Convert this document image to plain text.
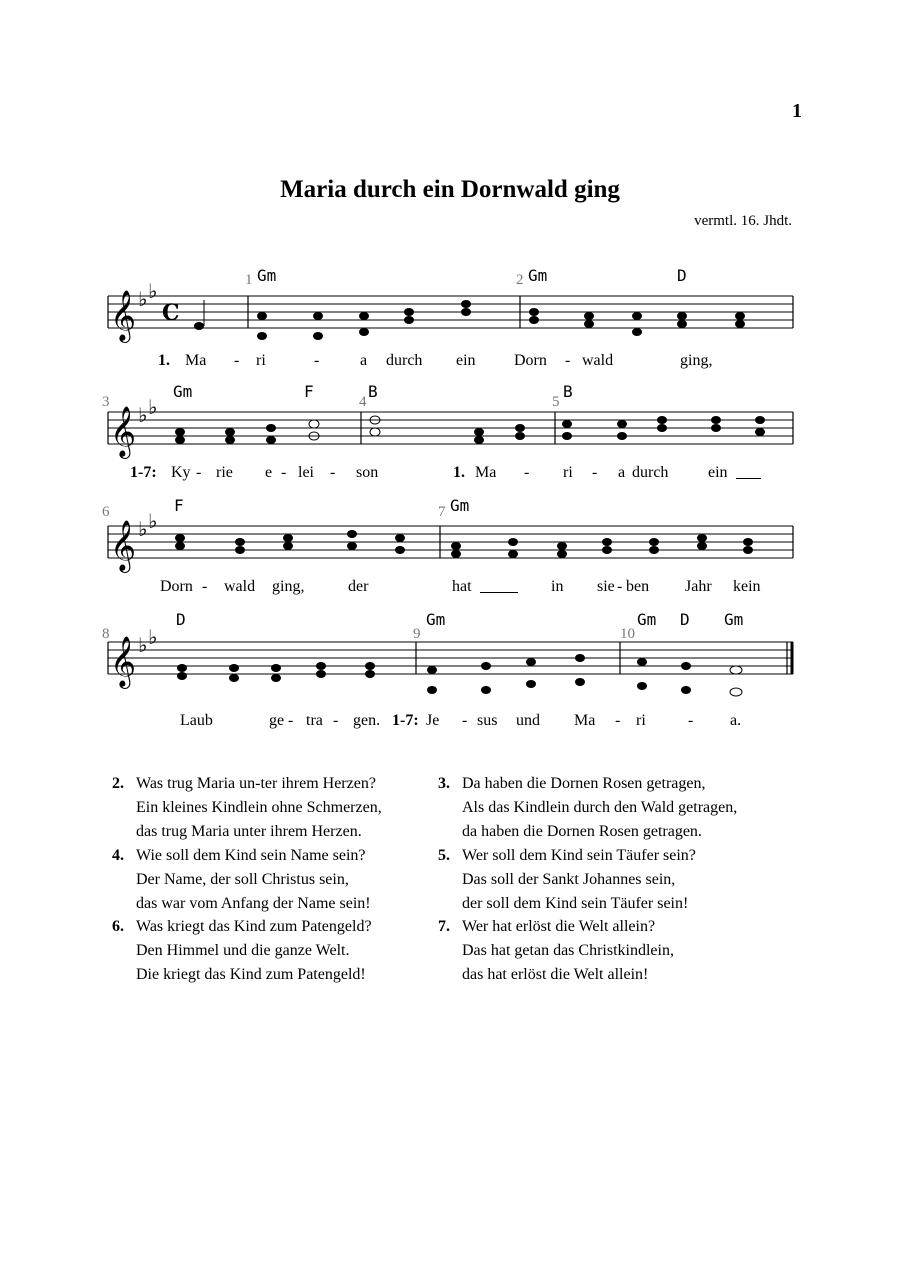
1
Maria durch ein Dornwald ging
vermtl. 16. Jhdt.
𝄞
𝄞
𝄞
𝄞
♭ ♭
♭ ♭
♭ ♭
♭ ♭
C
1	2
3	4	5
6	7
8	9	10
Gm	Gm	D
Gm	F	B	B
F	Gm
D	Gm	Gm D Gm
1. Ma - ri	-	a durch ein Dorn - wald	ging,
1-7: Ky - rie e - lei - son	1. Ma - ri - a durch ein
Dorn - wald ging,	der	hat	in sie - ben Jahr kein
Laub	ge - tra - gen. 1-7: Je - sus und Ma - ri	- a.
2. Was trug Maria un-ter ihrem Herzen?
Ein kleines Kindlein ohne Schmerzen,
das trug Maria unter ihrem Herzen.
3. Da haben die Dornen Rosen getragen,
Als das Kindlein durch den Wald getragen,
da haben die Dornen Rosen getragen.
4. Wie soll dem Kind sein Name sein?
Der Name, der soll Christus sein,
das war vom Anfang der Name sein!
5. Wer soll dem Kind sein Täufer sein?
Das soll der Sankt Johannes sein,
der soll dem Kind sein Täufer sein!
6. Was kriegt das Kind zum Patengeld?
Den Himmel und die ganze Welt.
Die kriegt das Kind zum Patengeld!
7. Wer hat erlöst die Welt allein?
Das hat getan das Christkindlein,
das hat erlöst die Welt allein!
